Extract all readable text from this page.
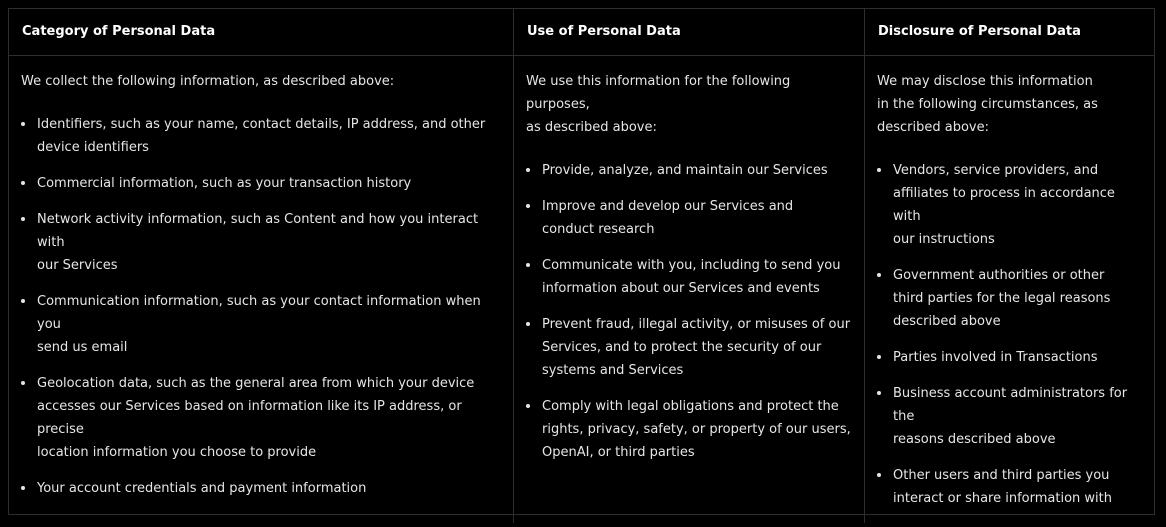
Category of Personal Data	Use of Personal Data	Disclosure of Personal Data

We collect the following information, as described above:

Identifiers, such as your name, contact details, IP address, and other
device identifiers
Commercial information, such as your transaction history
Network activity information, such as Content and how you interact with
our Services
Communication information, such as your contact information when you
send us email
Geolocation data, such as the general area from which your device
accesses our Services based on information like its IP address, or precise
location information you choose to provide
Your account credentials and payment information

We use this information for the following purposes,
as described above:

Provide, analyze, and maintain our Services
Improve and develop our Services and
conduct research
Communicate with you, including to send you
information about our Services and events
Prevent fraud, illegal activity, or misuses of our
Services, and to protect the security of our
systems and Services
Comply with legal obligations and protect the
rights, privacy, safety, or property of our users,
OpenAI, or third parties

We may disclose this information
in the following circumstances, as
described above:

Vendors, service providers, and
affiliates to process in accordance with
our instructions
Government authorities or other
third parties for the legal reasons
described above
Parties involved in Transactions
Business account administrators for the
reasons described above
Other users and third parties you
interact or share information with
